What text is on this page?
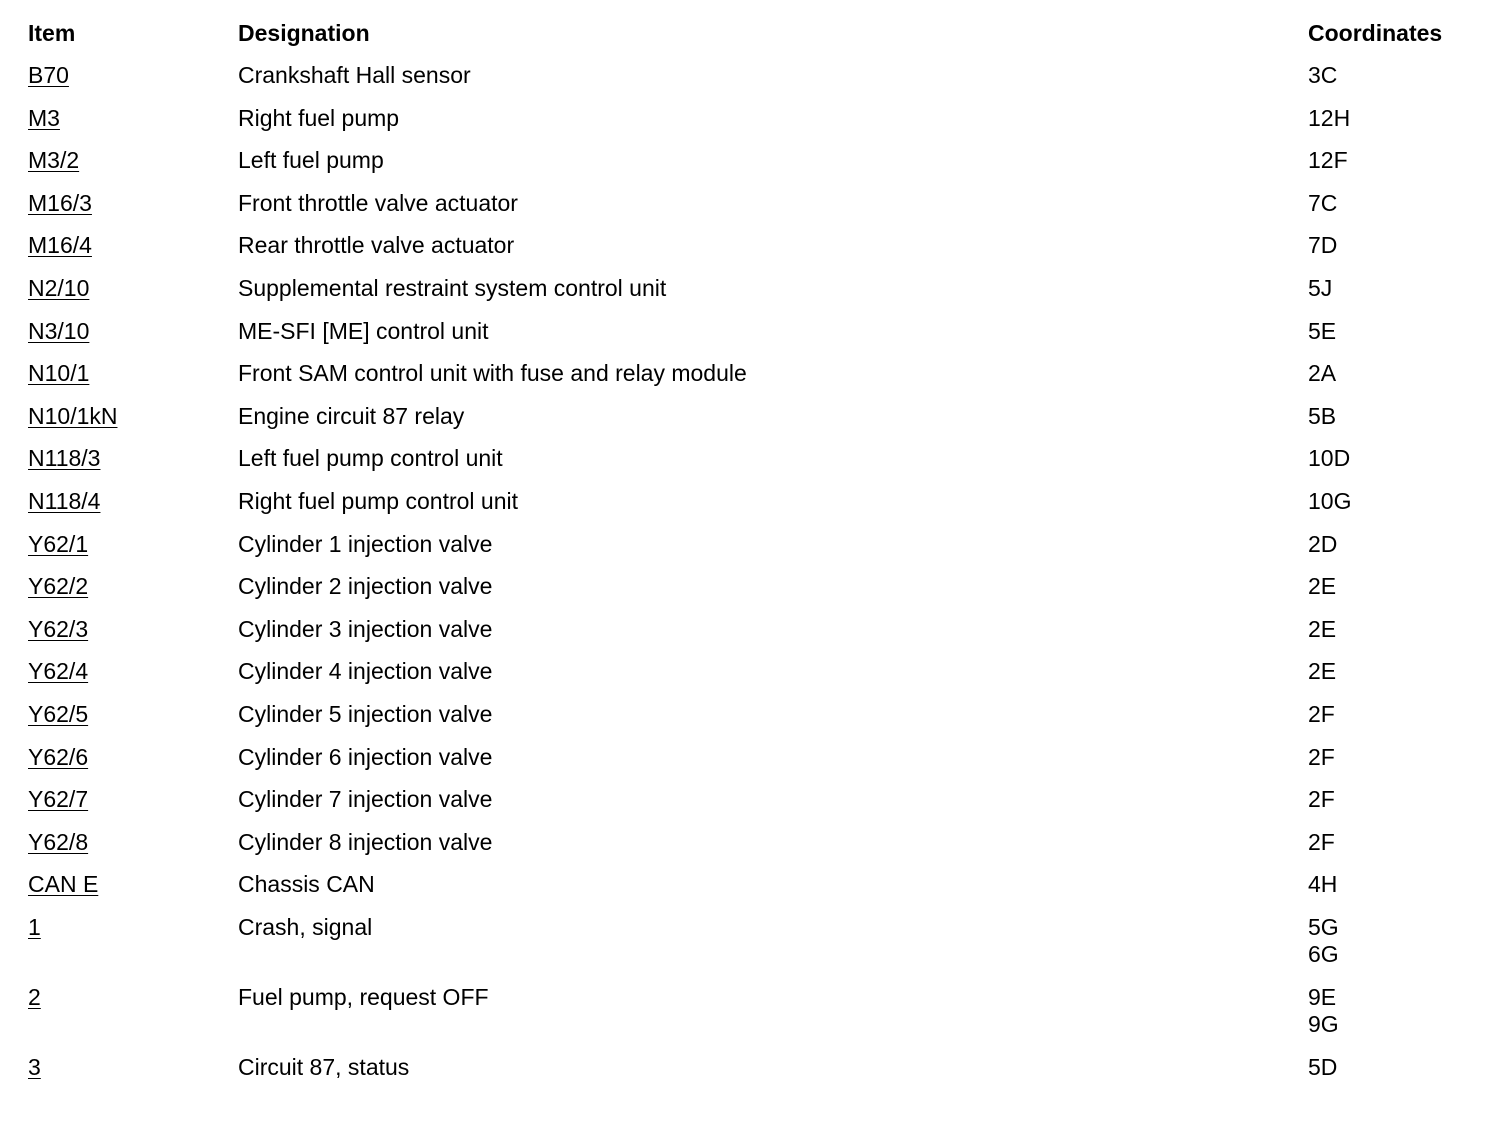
Item	Designation	Coordinates
B70	Crankshaft Hall sensor	3C
M3	Right fuel pump	12H
M3/2	Left fuel pump	12F
M16/3	Front throttle valve actuator	7C
M16/4	Rear throttle valve actuator	7D
N2/10	Supplemental restraint system control unit	5J
N3/10	ME-SFI [ME] control unit	5E
N10/1	Front SAM control unit with fuse and relay module	2A
N10/1kN	Engine circuit 87 relay	5B
N118/3	Left fuel pump control unit	10D
N118/4	Right fuel pump control unit	10G
Y62/1	Cylinder 1 injection valve	2D
Y62/2	Cylinder 2 injection valve	2E
Y62/3	Cylinder 3 injection valve	2E
Y62/4	Cylinder 4 injection valve	2E
Y62/5	Cylinder 5 injection valve	2F
Y62/6	Cylinder 6 injection valve	2F
Y62/7	Cylinder 7 injection valve	2F
Y62/8	Cylinder 8 injection valve	2F
CAN E	Chassis CAN	4H
1	Crash, signal	5G
6G
2	Fuel pump, request OFF	9E
9G
3	Circuit 87, status	5D
